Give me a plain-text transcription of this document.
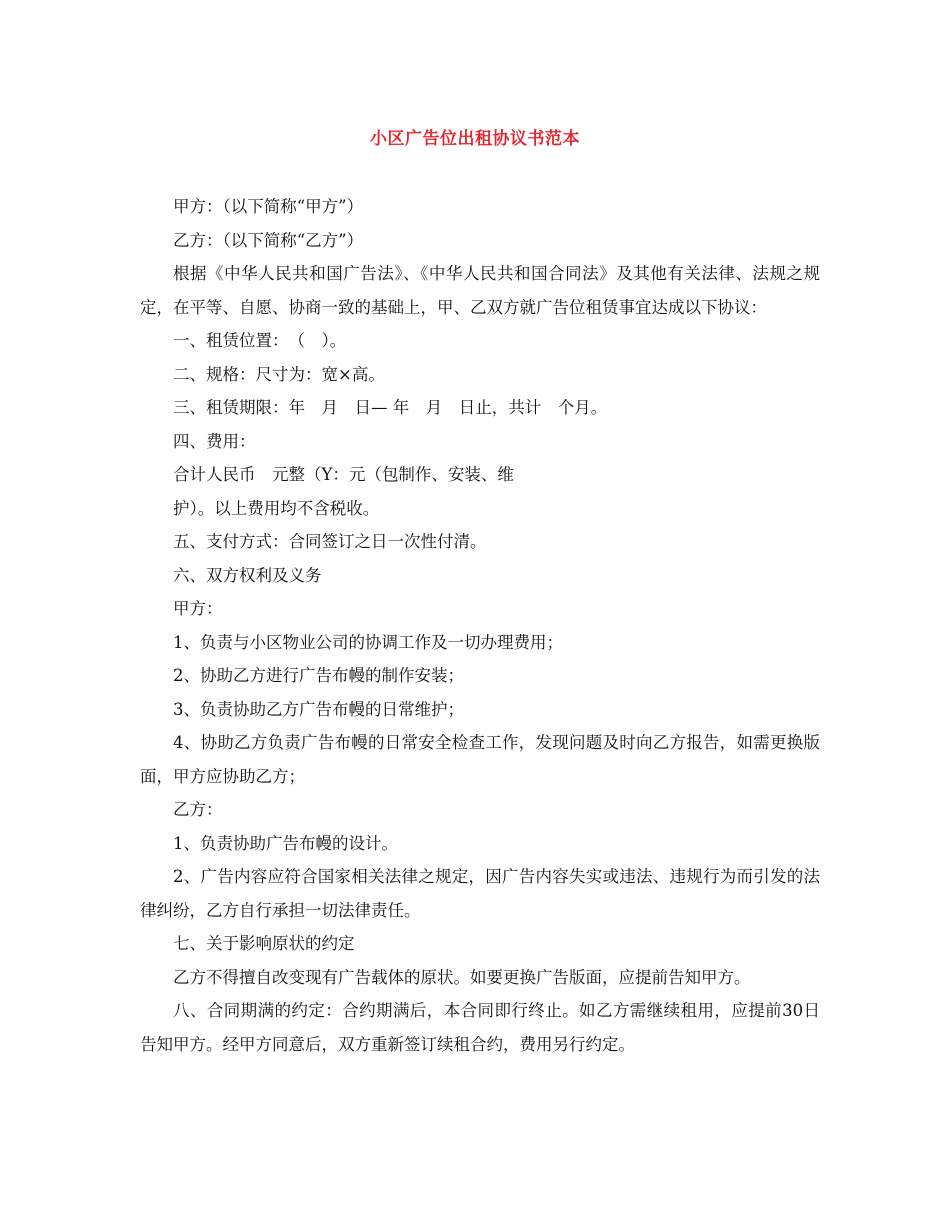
小区广告位出租协议书范本

甲方：（以下简称“甲方”）

乙方：（以下简称“乙方”）

根据《中华人民共和国广告法》、《中华人民共和国合同法》及其他有关法律、法规之规定，在平等、自愿、协商一致的基础上，甲、乙双方就广告位租赁事宜达成以下协议：

一、租赁位置：　（　）。

二、规格：尺寸为：宽×高。

三、租赁期限：年　月　日— 年　月　日止，共计　个月。

四、费用：

合计人民币　元整（Y：元（包制作、安装、维

护）。以上费用均不含税收。

五、支付方式：合同签订之日一次性付清。

六、双方权利及义务

甲方：

1、负责与小区物业公司的协调工作及一切办理费用；

2、协助乙方进行广告布幔的制作安装；

3、负责协助乙方广告布幔的日常维护；

4、协助乙方负责广告布幔的日常安全检查工作，发现问题及时向乙方报告，如需更换版面，甲方应协助乙方；

乙方：

1、负责协助广告布幔的设计。

2、广告内容应符合国家相关法律之规定，因广告内容失实或违法、违规行为而引发的法律纠纷，乙方自行承担一切法律责任。

七、关于影响原状的约定

乙方不得擅自改变现有广告载体的原状。如要更换广告版面，应提前告知甲方。

八、合同期满的约定：合约期满后，本合同即行终止。如乙方需继续租用，应提前30日告知甲方。经甲方同意后，双方重新签订续租合约，费用另行约定。
